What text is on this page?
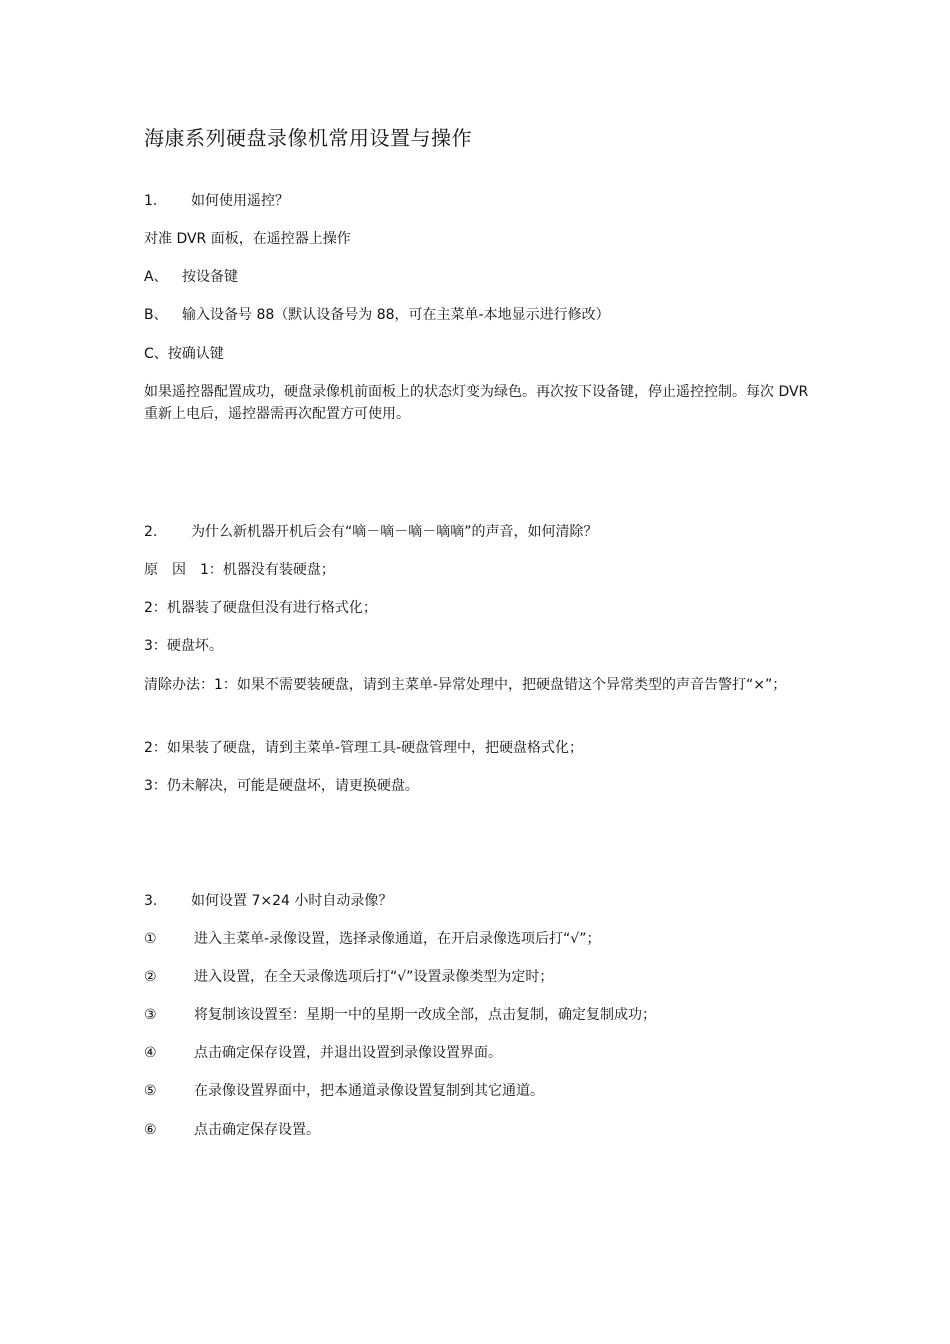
海康系列硬盘录像机常用设置与操作
1. 如何使用遥控？
对准 DVR 面板，在遥控器上操作
A、 按设备键
B、 输入设备号 88（默认设备号为 88，可在主菜单-本地显示进行修改）
C、按确认键
如果遥控器配置成功，硬盘录像机前面板上的状态灯变为绿色。再次按下设备键，停止遥控控制。每次 DVR 重新上电后，遥控器需再次配置方可使用。
2. 为什么新机器开机后会有“嘀－嘀－嘀－嘀嘀”的声音，如何清除？
原　因　1：机器没有装硬盘；
2：机器装了硬盘但没有进行格式化；
3：硬盘坏。
清除办法：1：如果不需要装硬盘，请到主菜单-异常处理中，把硬盘错这个异常类型的声音告警打“×”；
2：如果装了硬盘，请到主菜单-管理工具-硬盘管理中，把硬盘格式化；
3：仍未解决，可能是硬盘坏，请更换硬盘。
3. 如何设置 7×24 小时自动录像？
①	进入主菜单-录像设置，选择录像通道，在开启录像选项后打“√”；
②	进入设置，在全天录像选项后打“√”设置录像类型为定时；
③	将复制该设置至：星期一中的星期一改成全部，点击复制，确定复制成功；
④	点击确定保存设置，并退出设置到录像设置界面。
⑤	在录像设置界面中，把本通道录像设置复制到其它通道。
⑥	点击确定保存设置。
